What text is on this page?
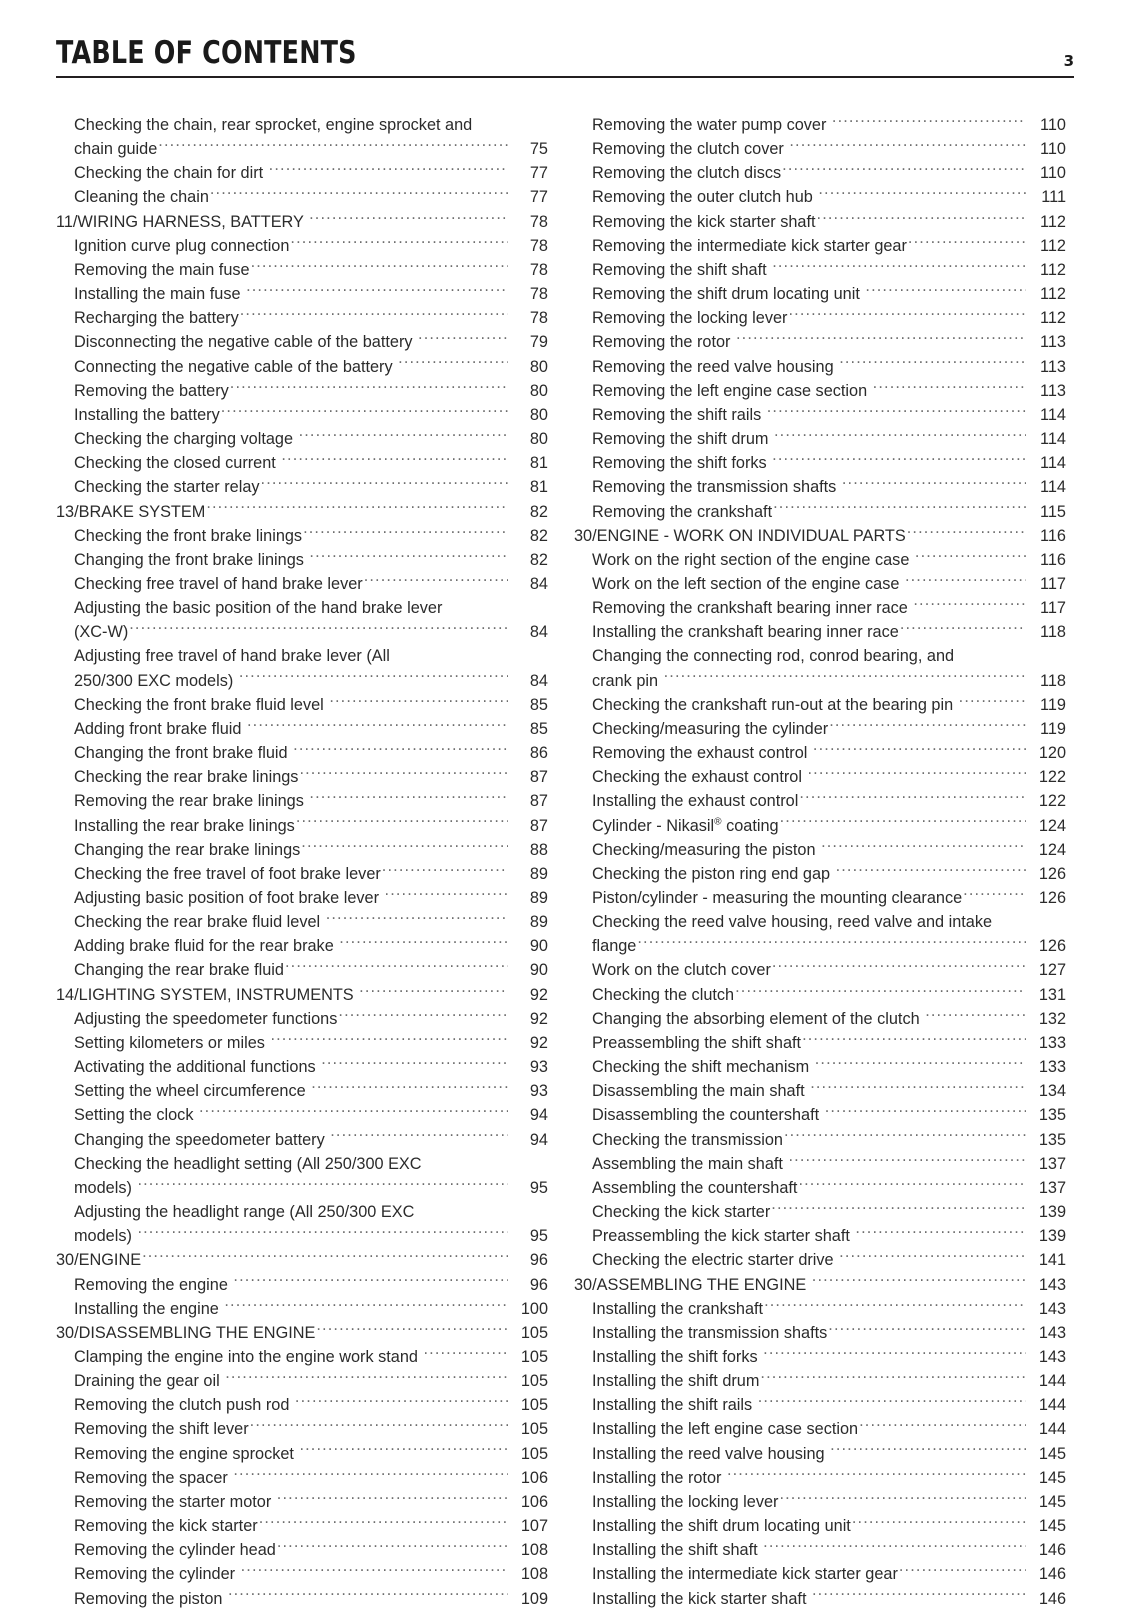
TABLE OF CONTENTS	3
Checking the chain, rear sprocket, engine sprocket and
chain guide .....	75
Checking the chain for dirt .....	77
Cleaning the chain .....	77
11/WIRING HARNESS, BATTERY .....	78
Ignition curve plug connection .....	78
Removing the main fuse .....	78
Installing the main fuse .....	78
Recharging the battery .....	78
Disconnecting the negative cable of the battery .....	79
Connecting the negative cable of the battery .....	80
Removing the battery .....	80
Installing the battery .....	80
Checking the charging voltage .....	80
Checking the closed current .....	81
Checking the starter relay .....	81
13/BRAKE SYSTEM .....	82
Checking the front brake linings .....	82
Changing the front brake linings .....	82
Checking free travel of hand brake lever .....	84
Adjusting the basic position of the hand brake lever
(XC-W) .....	84
Adjusting free travel of hand brake lever (All
250/300 EXC models) .....	84
Checking the front brake fluid level .....	85
Adding front brake fluid .....	85
Changing the front brake fluid .....	86
Checking the rear brake linings .....	87
Removing the rear brake linings .....	87
Installing the rear brake linings .....	87
Changing the rear brake linings .....	88
Checking the free travel of foot brake lever .....	89
Adjusting basic position of foot brake lever .....	89
Checking the rear brake fluid level .....	89
Adding brake fluid for the rear brake .....	90
Changing the rear brake fluid .....	90
14/LIGHTING SYSTEM, INSTRUMENTS .....	92
Adjusting the speedometer functions .....	92
Setting kilometers or miles .....	92
Activating the additional functions .....	93
Setting the wheel circumference .....	93
Setting the clock .....	94
Changing the speedometer battery .....	94
Checking the headlight setting (All 250/300 EXC
models) .....	95
Adjusting the headlight range (All 250/300 EXC
models) .....	95
30/ENGINE .....	96
Removing the engine .....	96
Installing the engine .....	100
30/DISASSEMBLING THE ENGINE .....	105
Clamping the engine into the engine work stand .....	105
Draining the gear oil .....	105
Removing the clutch push rod .....	105
Removing the shift lever .....	105
Removing the engine sprocket .....	105
Removing the spacer .....	106
Removing the starter motor .....	106
Removing the kick starter .....	107
Removing the cylinder head .....	108
Removing the cylinder .....	108
Removing the piston .....	109
Removing the water pump cover .....	110
Removing the clutch cover .....	110
Removing the clutch discs .....	110
Removing the outer clutch hub .....	111
Removing the kick starter shaft .....	112
Removing the intermediate kick starter gear .....	112
Removing the shift shaft .....	112
Removing the shift drum locating unit .....	112
Removing the locking lever .....	112
Removing the rotor .....	113
Removing the reed valve housing .....	113
Removing the left engine case section .....	113
Removing the shift rails .....	114
Removing the shift drum .....	114
Removing the shift forks .....	114
Removing the transmission shafts .....	114
Removing the crankshaft .....	115
30/ENGINE - WORK ON INDIVIDUAL PARTS .....	116
Work on the right section of the engine case .....	116
Work on the left section of the engine case .....	117
Removing the crankshaft bearing inner race .....	117
Installing the crankshaft bearing inner race .....	118
Changing the connecting rod, conrod bearing, and
crank pin .....	118
Checking the crankshaft run-out at the bearing pin .....	119
Checking/measuring the cylinder .....	119
Removing the exhaust control .....	120
Checking the exhaust control .....	122
Installing the exhaust control .....	122
Cylinder - Nikasil® coating .....	124
Checking/measuring the piston .....	124
Checking the piston ring end gap .....	126
Piston/cylinder - measuring the mounting clearance .....	126
Checking the reed valve housing, reed valve and intake
flange .....	126
Work on the clutch cover .....	127
Checking the clutch .....	131
Changing the absorbing element of the clutch .....	132
Preassembling the shift shaft .....	133
Checking the shift mechanism .....	133
Disassembling the main shaft .....	134
Disassembling the countershaft .....	135
Checking the transmission .....	135
Assembling the main shaft .....	137
Assembling the countershaft .....	137
Checking the kick starter .....	139
Preassembling the kick starter shaft .....	139
Checking the electric starter drive .....	141
30/ASSEMBLING THE ENGINE .....	143
Installing the crankshaft .....	143
Installing the transmission shafts .....	143
Installing the shift forks .....	143
Installing the shift drum .....	144
Installing the shift rails .....	144
Installing the left engine case section .....	144
Installing the reed valve housing .....	145
Installing the rotor .....	145
Installing the locking lever .....	145
Installing the shift drum locating unit .....	145
Installing the shift shaft .....	146
Installing the intermediate kick starter gear .....	146
Installing the kick starter shaft .....	146
